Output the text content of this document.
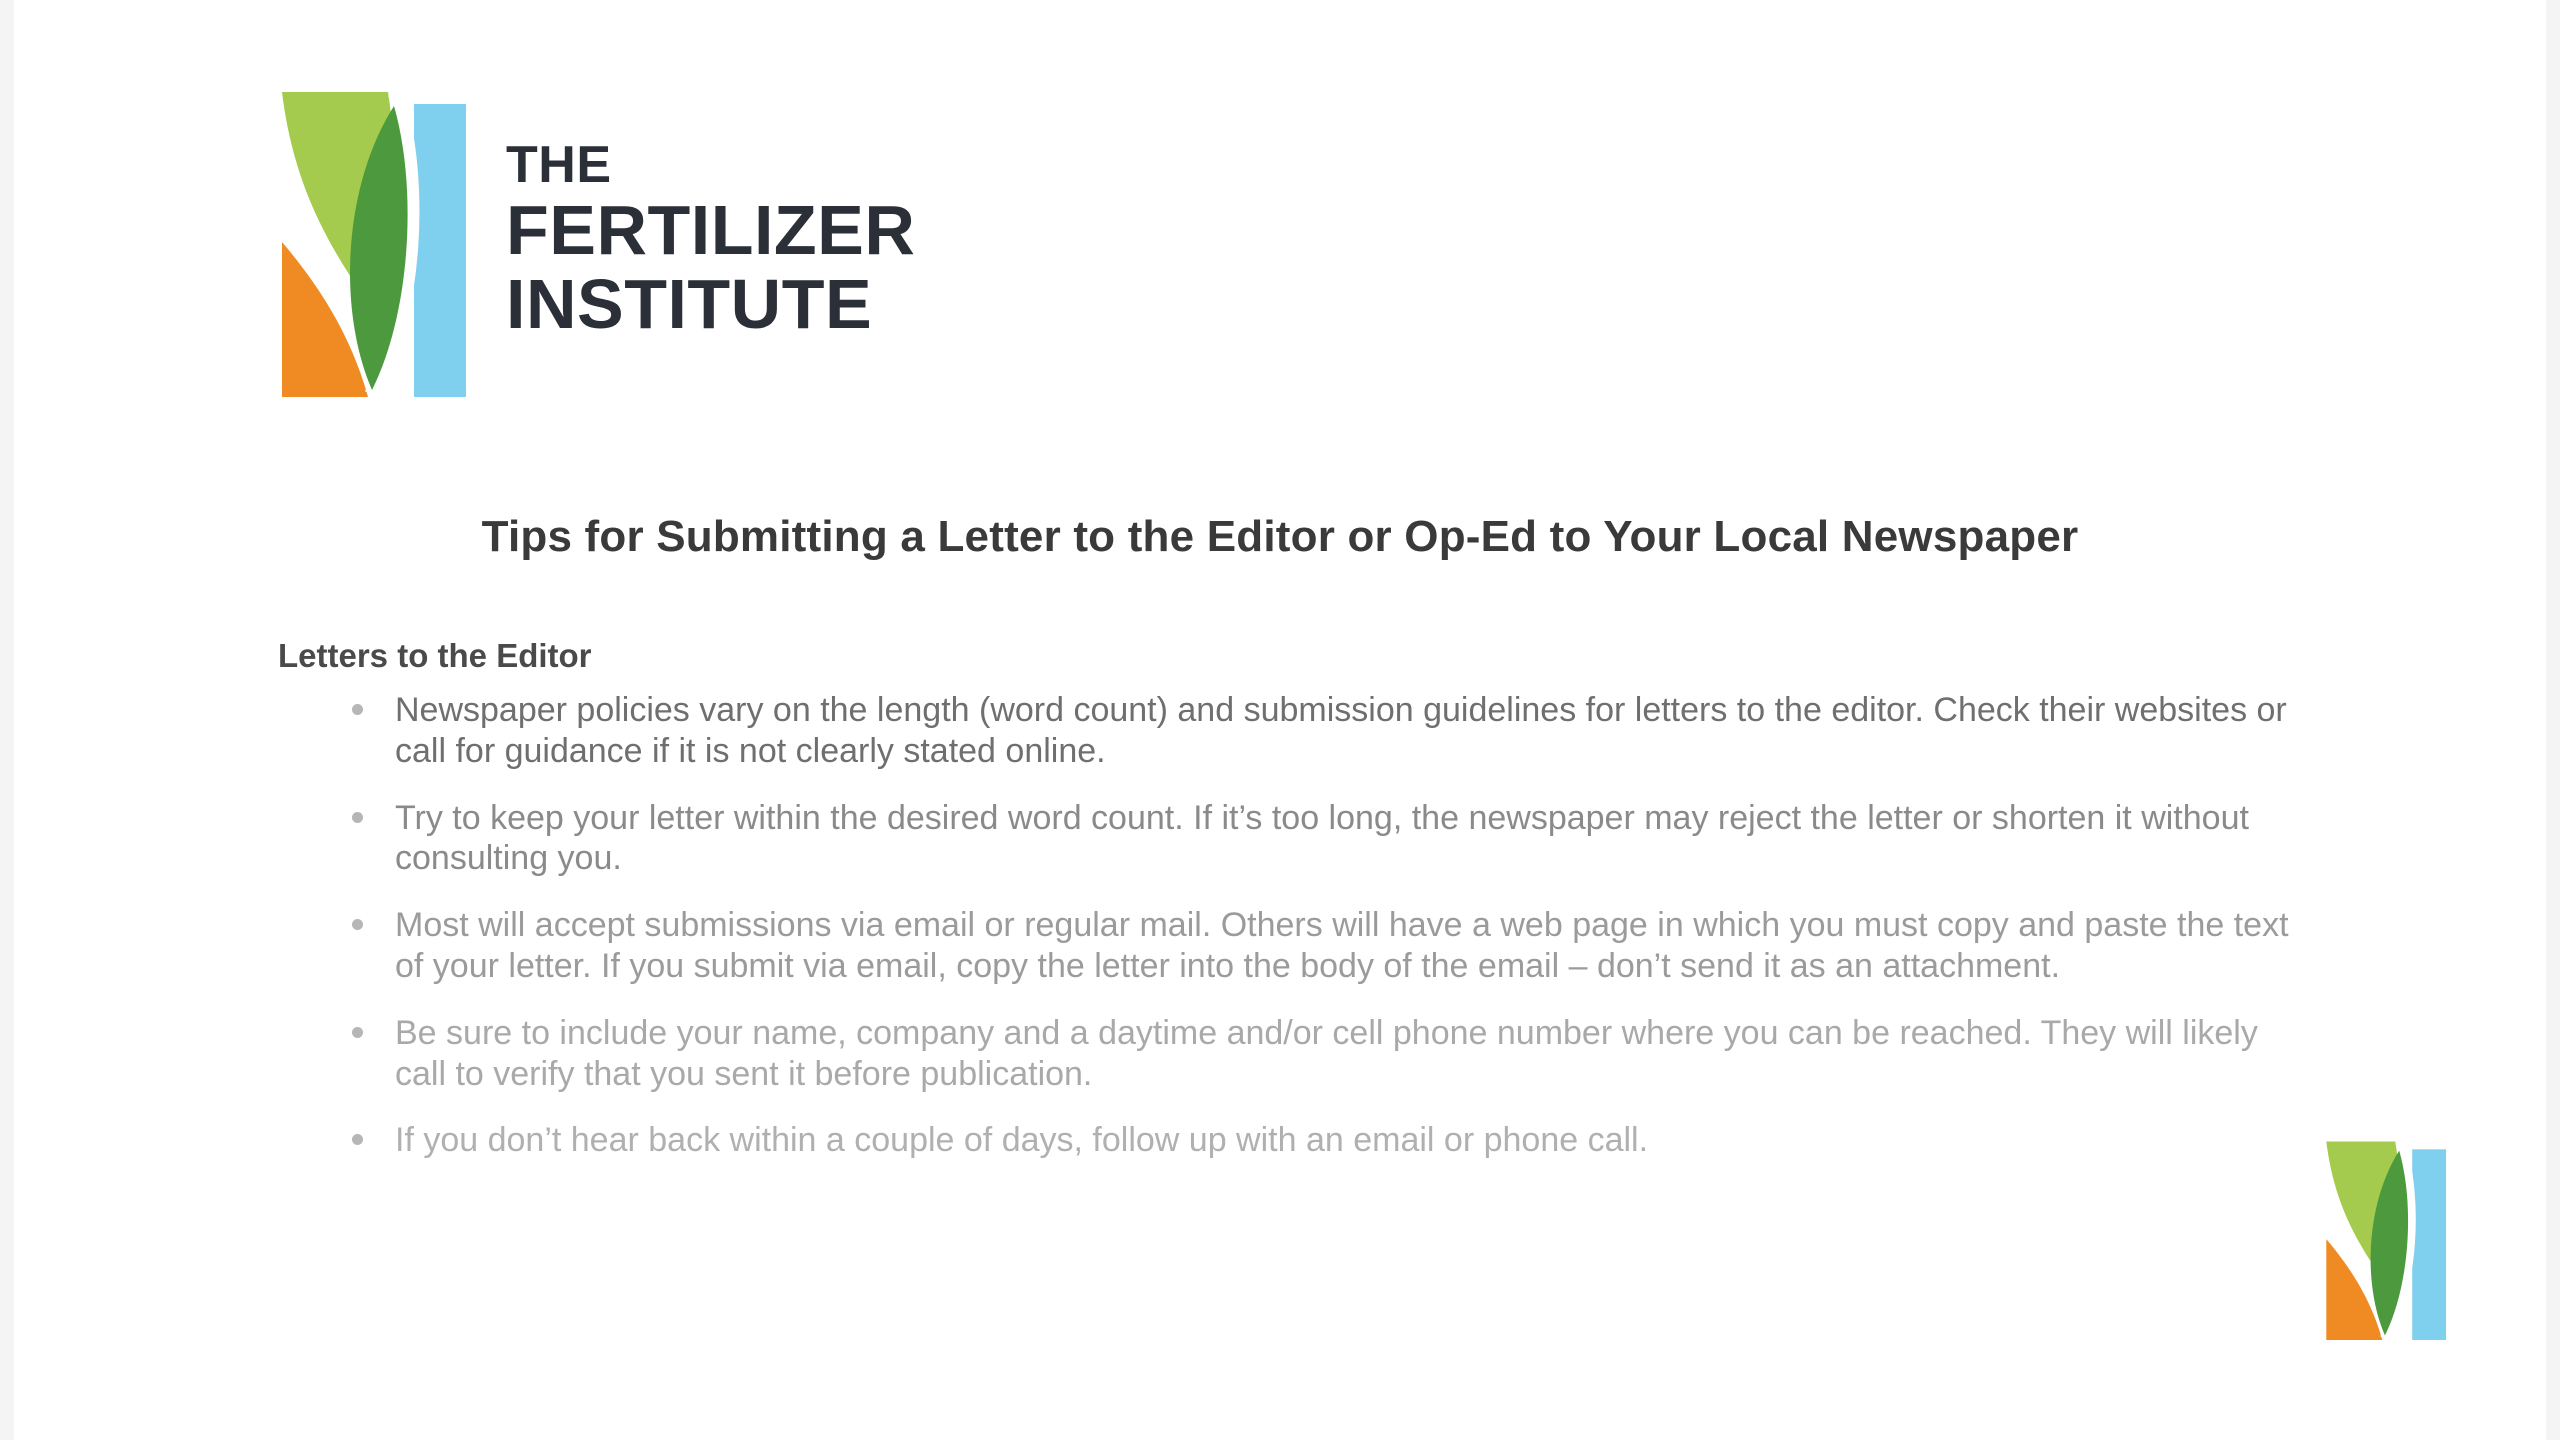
THE
FERTILIZER
INSTITUTE
Tips for Submitting a Letter to the Editor or Op-Ed to Your Local Newspaper
Letters to the Editor
Newspaper policies vary on the length (word count) and submission guidelines for letters to the editor. Check their websites or call for guidance if it is not clearly stated online.
Try to keep your letter within the desired word count. If it’s too long, the newspaper may reject the letter or shorten it without consulting you.
Most will accept submissions via email or regular mail. Others will have a web page in which you must copy and paste the text of your letter. If you submit via email, copy the letter into the body of the email – don’t send it as an attachment.
Be sure to include your name, company and a daytime and/or cell phone number where you can be reached. They will likely call to verify that you sent it before publication.
If you don’t hear back within a couple of days, follow up with an email or phone call.
